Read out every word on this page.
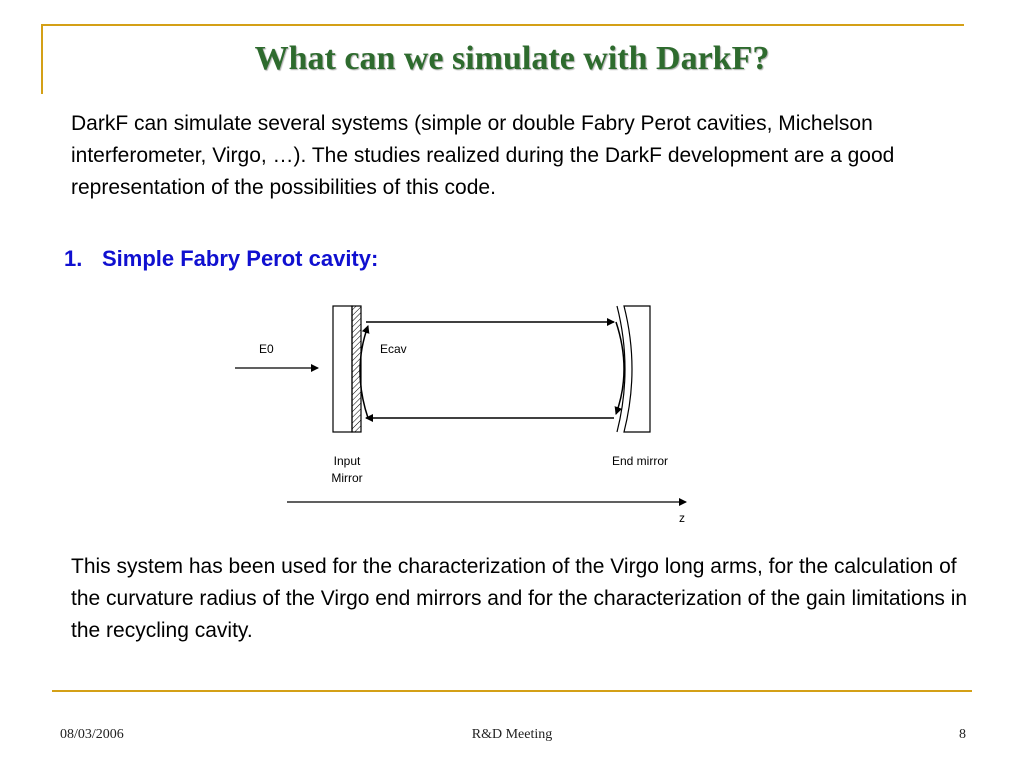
What can we simulate with DarkF?

DarkF can simulate several systems (simple or double Fabry Perot cavities, Michelson interferometer, Virgo, …). The studies realized during the DarkF development are a good representation of the possibilities of this code.

1. Simple Fabry Perot cavity:
E0	Ecav
Input
Mirror
End mirror
z

This system has been used for the characterization of the Virgo long arms, for the calculation of the curvature radius of the Virgo end mirrors and for the characterization of the gain limitations in the recycling cavity.

08/03/2006	R&D Meeting	8
